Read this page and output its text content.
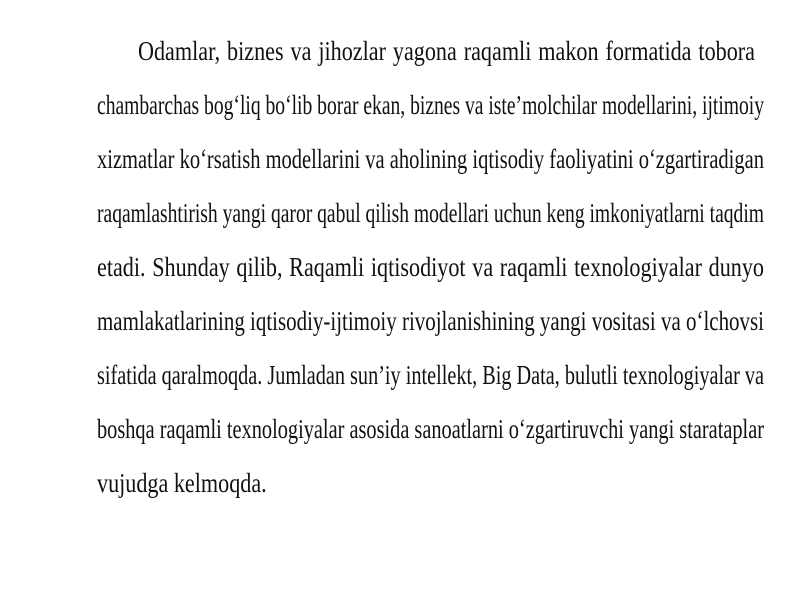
Odamlar, biznes va jihozlar yagona raqamli makon formatida tobora
chambarchas bog‘liq bo‘lib borar ekan, biznes va iste’molchilar modellarini, ijtimoiy
xizmatlar ko‘rsatish modellarini va aholining iqtisodiy faoliyatini o‘zgartiradigan
raqamlashtirish yangi qaror qabul qilish modellari uchun keng imkoniyatlarni taqdim
etadi. Shunday qilib, Raqamli iqtisodiyot va raqamli texnologiyalar dunyo
mamlakatlarining iqtisodiy-ijtimoiy rivojlanishining yangi vositasi va o‘lchovsi
sifatida qaralmoqda. Jumladan sun’iy intellekt, Big Data, bulutli texnologiyalar va
boshqa raqamli texnologiyalar asosida sanoatlarni o‘zgartiruvchi yangi starataplar
vujudga kelmoqda.
